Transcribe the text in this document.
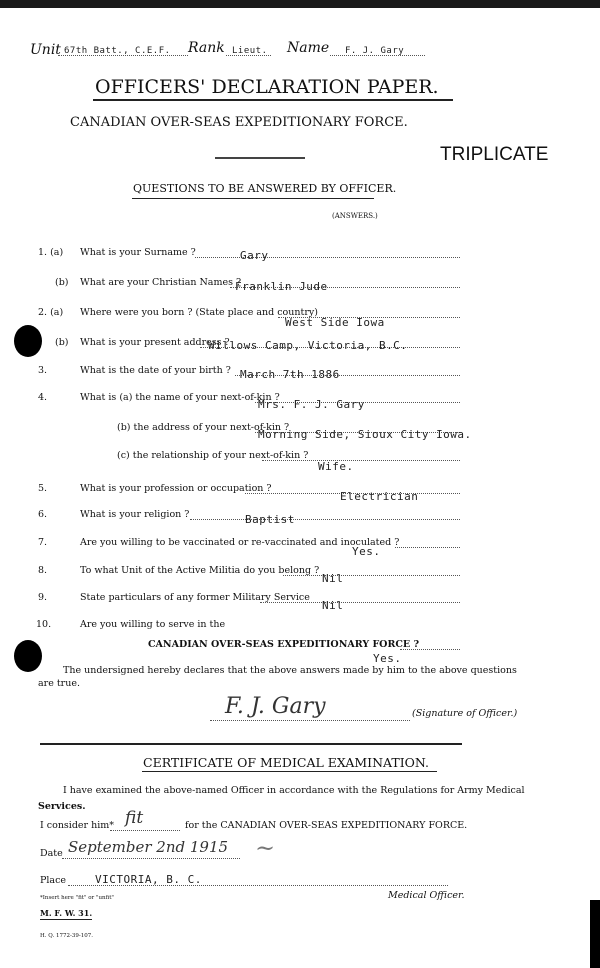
Unit 67th Batt., C.E.F. Rank Lieut. Name F. J. Gary
OFFICERS' DECLARATION PAPER.
CANADIAN OVER-SEAS EXPEDITIONARY FORCE.
TRIPLICATE
QUESTIONS TO BE ANSWERED BY OFFICER.
(ANSWERS.)
1. (a) What is your Surname ?	Gary
(b) What are your Christian Names ?
Franklin Jude
2. (a) Where were you born ? (State place and country)
West Side Iowa
(b) What is your present address ?
Willows Camp, Victoria, B.C.
3.	What is the date of your birth ? March 7th 1886
4.	What is (a) the name of your next-of-kin ?
Mrs. F. J. Gary
(b) the address of your next-of-kin ?
Morning Side, Sioux City Iowa.
(c) the relationship of your next-of-kin ?
Wife.
5.	What is your profession or occupation ?
Electrician
6.	What is your religion ?	Baptist
7.	Are you willing to be vaccinated or re-vaccinated and inoculated ?
Yes.
8.	To what Unit of the Active Militia do you belong ?
Nil
9.	State particulars of any former Military Service
Nil
10.	Are you willing to serve in the
CANADIAN OVER-SEAS EXPEDITIONARY FORCE ?
Yes.
The undersigned hereby declares that the above answers made by him to the above questions
are true.
F. J. Gary	(Signature of Officer.)
CERTIFICATE OF MEDICAL EXAMINATION.
I have examined the above-named Officer in accordance with the Regulations for Army Medical
Services.
I consider him* fit	for the CANADIAN OVER-SEAS EXPEDITIONARY FORCE.
Date September 2nd 1915 ~
Place	VICTORIA, B. C.
Medical Officer.
*Insert here "fit" or "unfit"
M. F. W. 31.
H. Q. 1772-39-107.
